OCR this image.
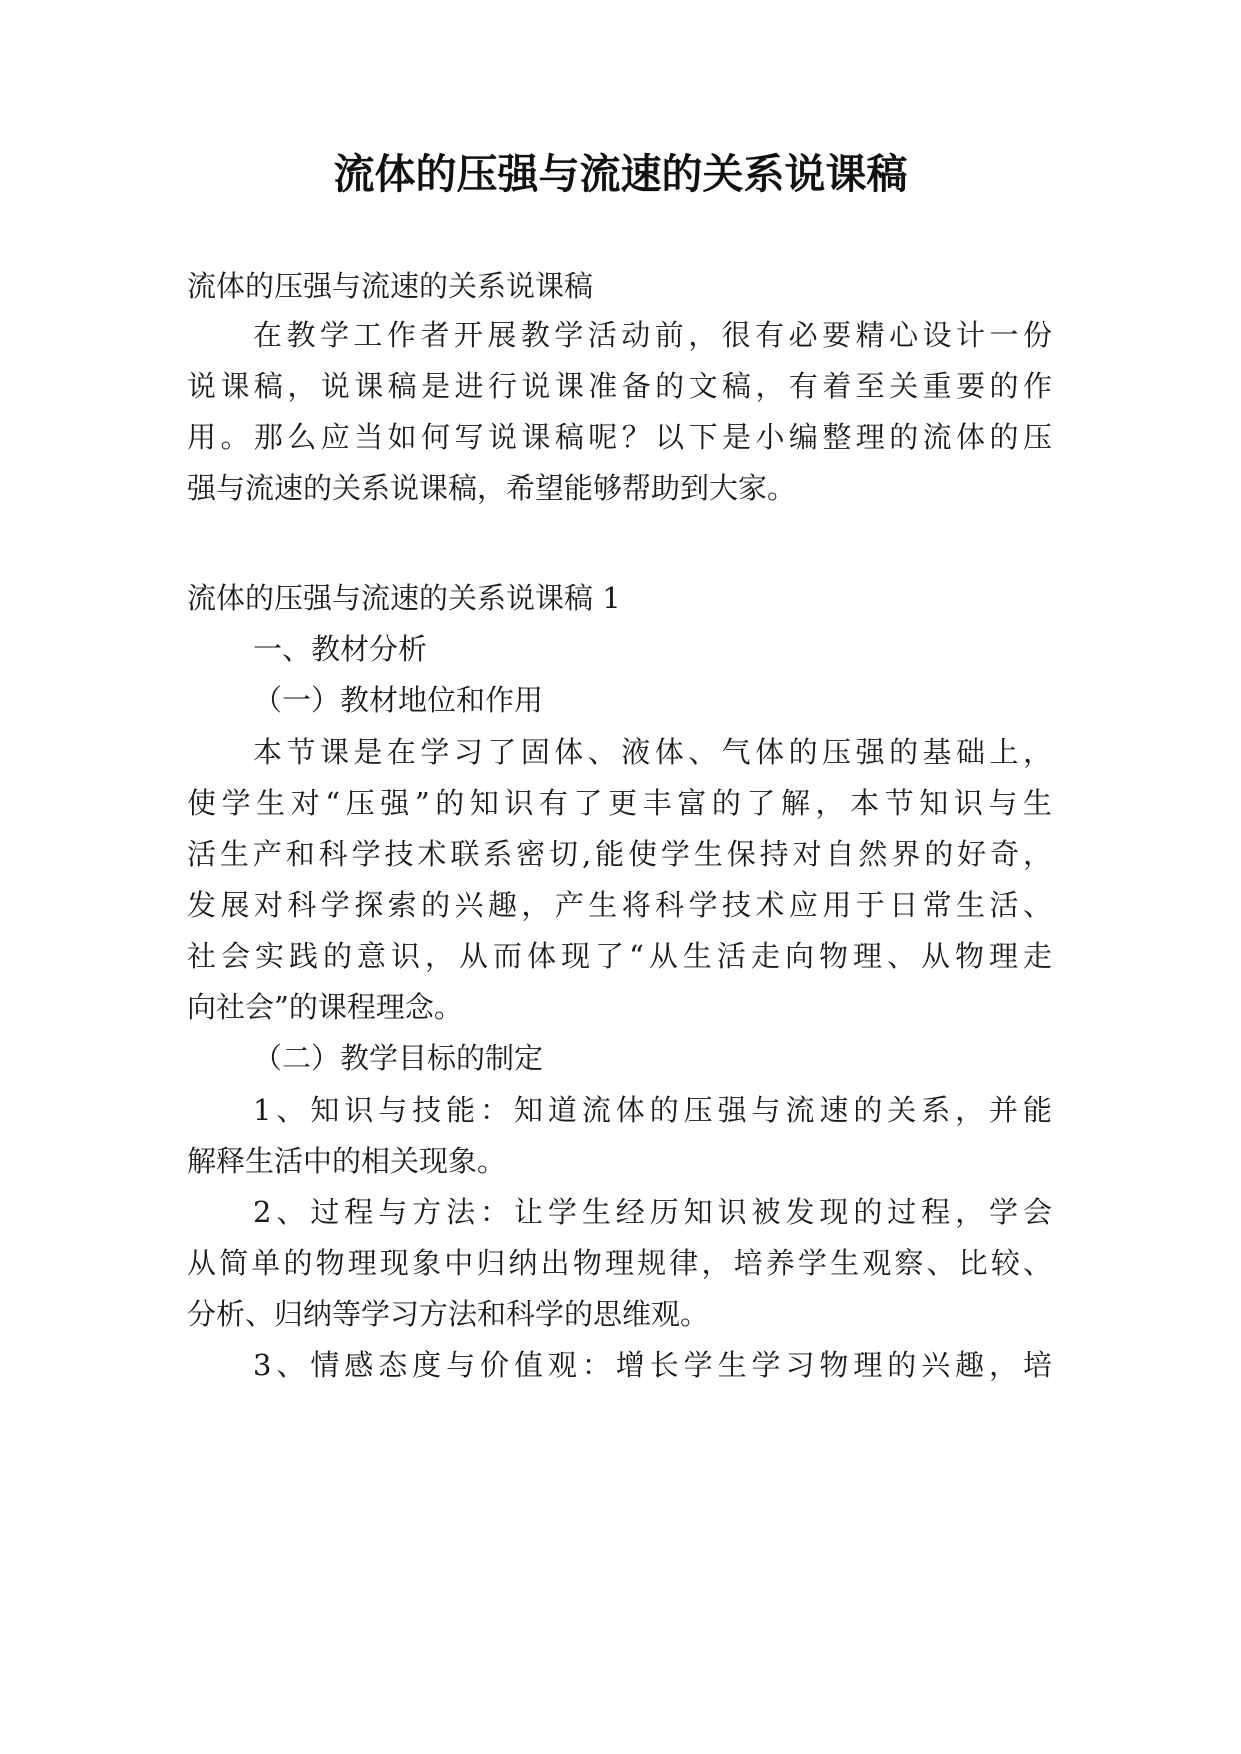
流体的压强与流速的关系说课稿
流体的压强与流速的关系说课稿
在教学工作者开展教学活动前，很有必要精心设计一份
说课稿，说课稿是进行说课准备的文稿，有着至关重要的作
用。那么应当如何写说课稿呢？以下是小编整理的流体的压
强与流速的关系说课稿，希望能够帮助到大家。
流体的压强与流速的关系说课稿 1
一、教材分析
（一）教材地位和作用
本节课是在学习了固体、液体、气体的压强的基础上，
使学生对“压强”的知识有了更丰富的了解，本节知识与生
活生产和科学技术联系密切,能使学生保持对自然界的好奇，
发展对科学探索的兴趣，产生将科学技术应用于日常生活、
社会实践的意识，从而体现了“从生活走向物理、从物理走
向社会”的课程理念。
（二）教学目标的制定
1、知识与技能：知道流体的压强与流速的关系，并能
解释生活中的相关现象。
2、过程与方法：让学生经历知识被发现的过程，学会
从简单的物理现象中归纳出物理规律，培养学生观察、比较、
分析、归纳等学习方法和科学的思维观。
3、情感态度与价值观：增长学生学习物理的兴趣，培
